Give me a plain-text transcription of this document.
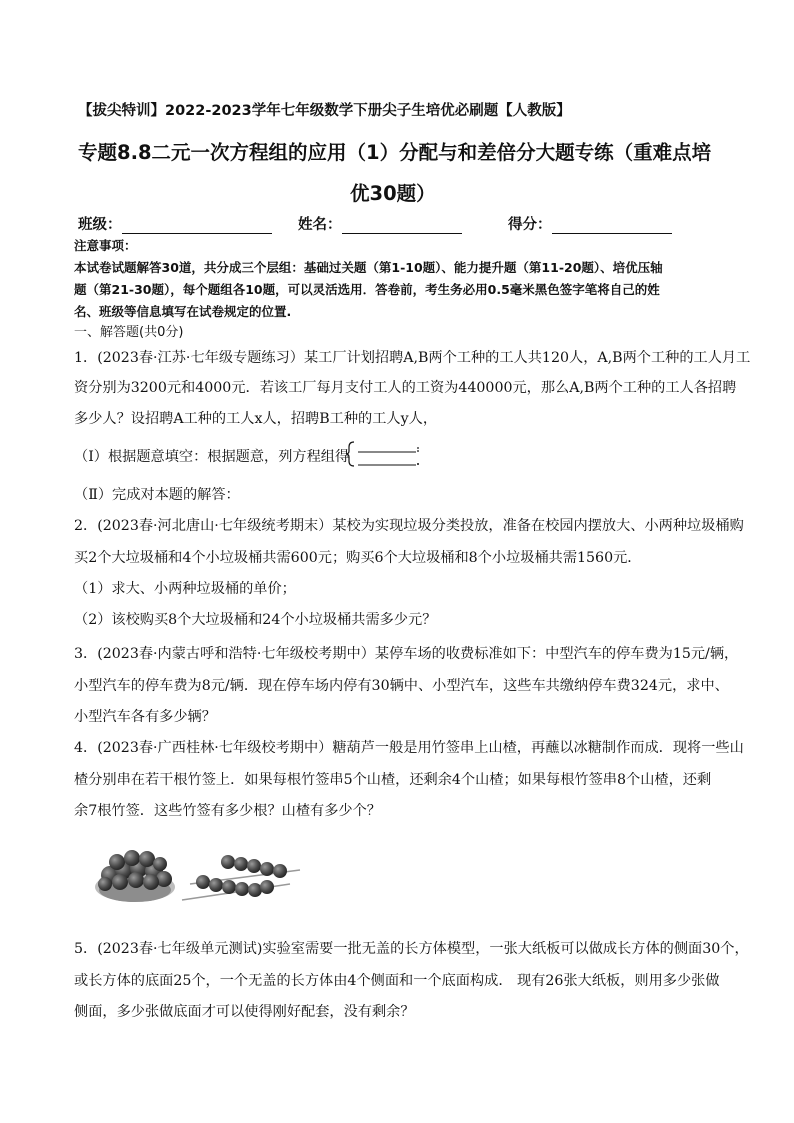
【拔尖特训】2022-2023学年七年级数学下册尖子生培优必刷题【人教版】
专题8.8二元一次方程组的应用（1）分配与和差倍分大题专练（重难点培
优30题）
班级：	姓名：	得分：
注意事项：
本试卷试题解答30道，共分成三个层组：基础过关题（第1-10题）、能力提升题（第11-20题）、培优压轴
题（第21-30题），每个题组各10题，可以灵活选用．答卷前，考生务必用0.5毫米黑色签字笔将自己的姓
名、班级等信息填写在试卷规定的位置.
一、解答题(共0分)
1．(2023春·江苏·七年级专题练习）某工厂计划招聘A,B两个工种的工人共120人，A,B两个工种的工人月工
资分别为3200元和4000元．若该工厂每月支付工人的工资为440000元，那么A,B两个工种的工人各招聘
多少人？设招聘A工种的工人x人，招聘B工种的工人y人，
（Ⅰ）根据题意填空：根据题意，列方程组得
（Ⅱ）完成对本题的解答：
2．(2023春·河北唐山·七年级统考期末）某校为实现垃圾分类投放，准备在校园内摆放大、小两种垃圾桶购
买2个大垃圾桶和4个小垃圾桶共需600元；购买6个大垃圾桶和8个小垃圾桶共需1560元．
（1）求大、小两种垃圾桶的单价；
（2）该校购买8个大垃圾桶和24个小垃圾桶共需多少元？
3．(2023春·内蒙古呼和浩特·七年级校考期中）某停车场的收费标准如下：中型汽车的停车费为15元/辆，
小型汽车的停车费为8元/辆．现在停车场内停有30辆中、小型汽车，这些车共缴纳停车费324元，求中、
小型汽车各有多少辆？
4．(2023春·广西桂林·七年级校考期中）糖葫芦一般是用竹签串上山楂，再蘸以冰糖制作而成．现将一些山
楂分别串在若干根竹签上．如果每根竹签串5个山楂，还剩余4个山楂；如果每根竹签串8个山楂，还剩
余7根竹签．这些竹签有多少根？山楂有多少个？
5．(2023春·七年级单元测试)实验室需要一批无盖的长方体模型，一张大纸板可以做成长方体的侧面30个，
或长方体的底面25个，一个无盖的长方体由4个侧面和一个底面构成． 现有26张大纸板，则用多少张做
侧面，多少张做底面才可以使得刚好配套，没有剩余？
